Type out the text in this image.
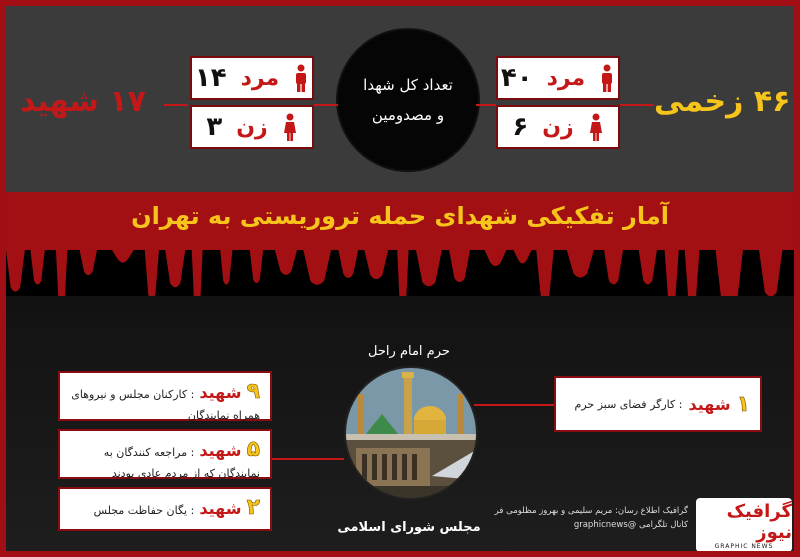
تعداد کل شهدا
و مصدومین
۱۷ شهید
مرد
۱۴
زن
۳
مرد
۴۰
زن
۶
۴۶ زخمی
آمار تفکیکی شهدای حمله تروریستی به تهران
۹ شهید : کارکنان مجلس و نیروهای همراه نمایندگان
۵ شهید : مراجعه کنندگان به نمایندگان که از مردم عادی بودند
۲ شهید : یگان حفاظت مجلس
۱
شهید
: کارگر فضای سبز حرم
حرم امام راحل
مجلس شورای اسلامی
گرافیک اطلاع رسان: مریم سلیمی و بهروز مظلومی فر
کانال تلگرامی @graphicnews
گرافیک نیوز
GRAPHIC NEWS
